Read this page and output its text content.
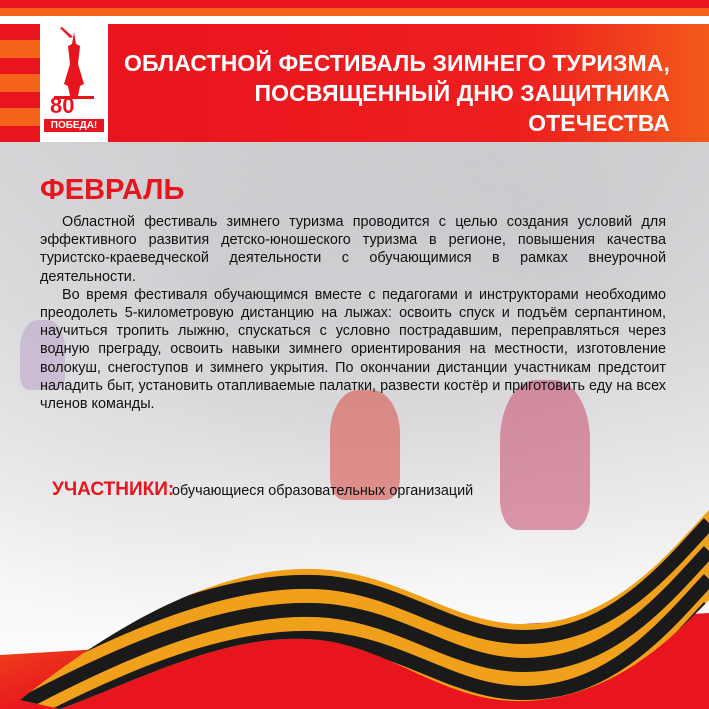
80
ПОБЕДА!
ОБЛАСТНОЙ ФЕСТИВАЛЬ ЗИМНЕГО ТУРИЗМА,
ПОСВЯЩЕННЫЙ ДНЮ ЗАЩИТНИКА ОТЕЧЕСТВА
ФЕВРАЛЬ

Областной фестиваль зимнего туризма проводится с целью создания условий для эффективного развития детско-юношеского туризма в регионе, повышения качества туристско-краеведческой деятельности с обучающимися в рамках внеурочной деятельности.

Во время фестиваля обучающимся вместе с педагогами и инструкторами необходимо преодолеть 5-километровую дистанцию на лыжах: освоить спуск и подъём серпантином, научиться тропить лыжню, спускаться с условно пострадавшим, переправляться через водную преграду, освоить навыки зимнего ориентирования на местности, изготовление волокуш, снегоступов и зимнего укрытия. По окончании дистанции участникам предстоит наладить быт, установить отапливаемые палатки, развести костёр и приготовить еду на всех членов команды.

УЧАСТНИКИ:
обучающиеся образовательных организаций
